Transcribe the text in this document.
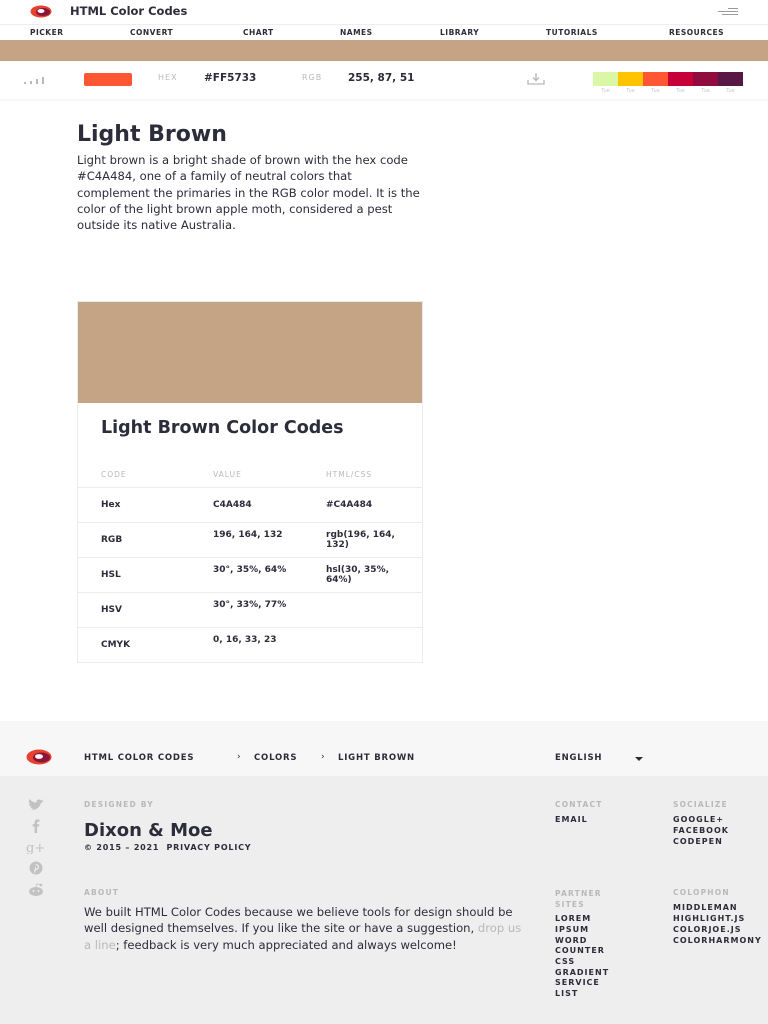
HTML Color Codes
PICKER	CONVERT	CHART	NAMES	LIBRARY	TUTORIALS	RESOURCES
HEX	#FF5733	RGB 255, 87, 51
Tue	Tue	Tue	Tue	Tue	Tue
Light Brown

Light brown is a bright shade of brown with the hex code #C4A484, one of a family of neutral colors that complement the primaries in the RGB color model. It is the color of the light brown apple moth, considered a pest outside its native Australia.

Light Brown Color Codes
CODE	VALUE	HTML/CSS
Hex	C4A484	#C4A484
RGB	196, 164, 132	rgb(196, 164, 132)
HSL	30°, 35%, 64%	hsl(30, 35%, 64%)
HSV	30°, 33%, 77%
CMYK	0, 16, 33, 23
HTML COLOR CODES	› COLORS	› LIGHT BROWN	ENGLISH
g+
DESIGNED BY
Dixon & Moe
© 2015 – 2021 PRIVACY POLICY
CONTACT
EMAIL
SOCIALIZE
GOOGLE+
FACEBOOK
CODEPEN
ABOUT

We built HTML Color Codes because we believe tools for design should be well designed themselves. If you like the site or have a suggestion, drop us a line; feedback is very much appreciated and always welcome!

PARTNER SITES
LOREM
IPSUM
WORD
COUNTER
CSS
GRADIENT
SERVICE
LIST
COLOPHON
MIDDLEMAN
HIGHLIGHT.JS
COLORJOE.JS
COLORHARMONY
